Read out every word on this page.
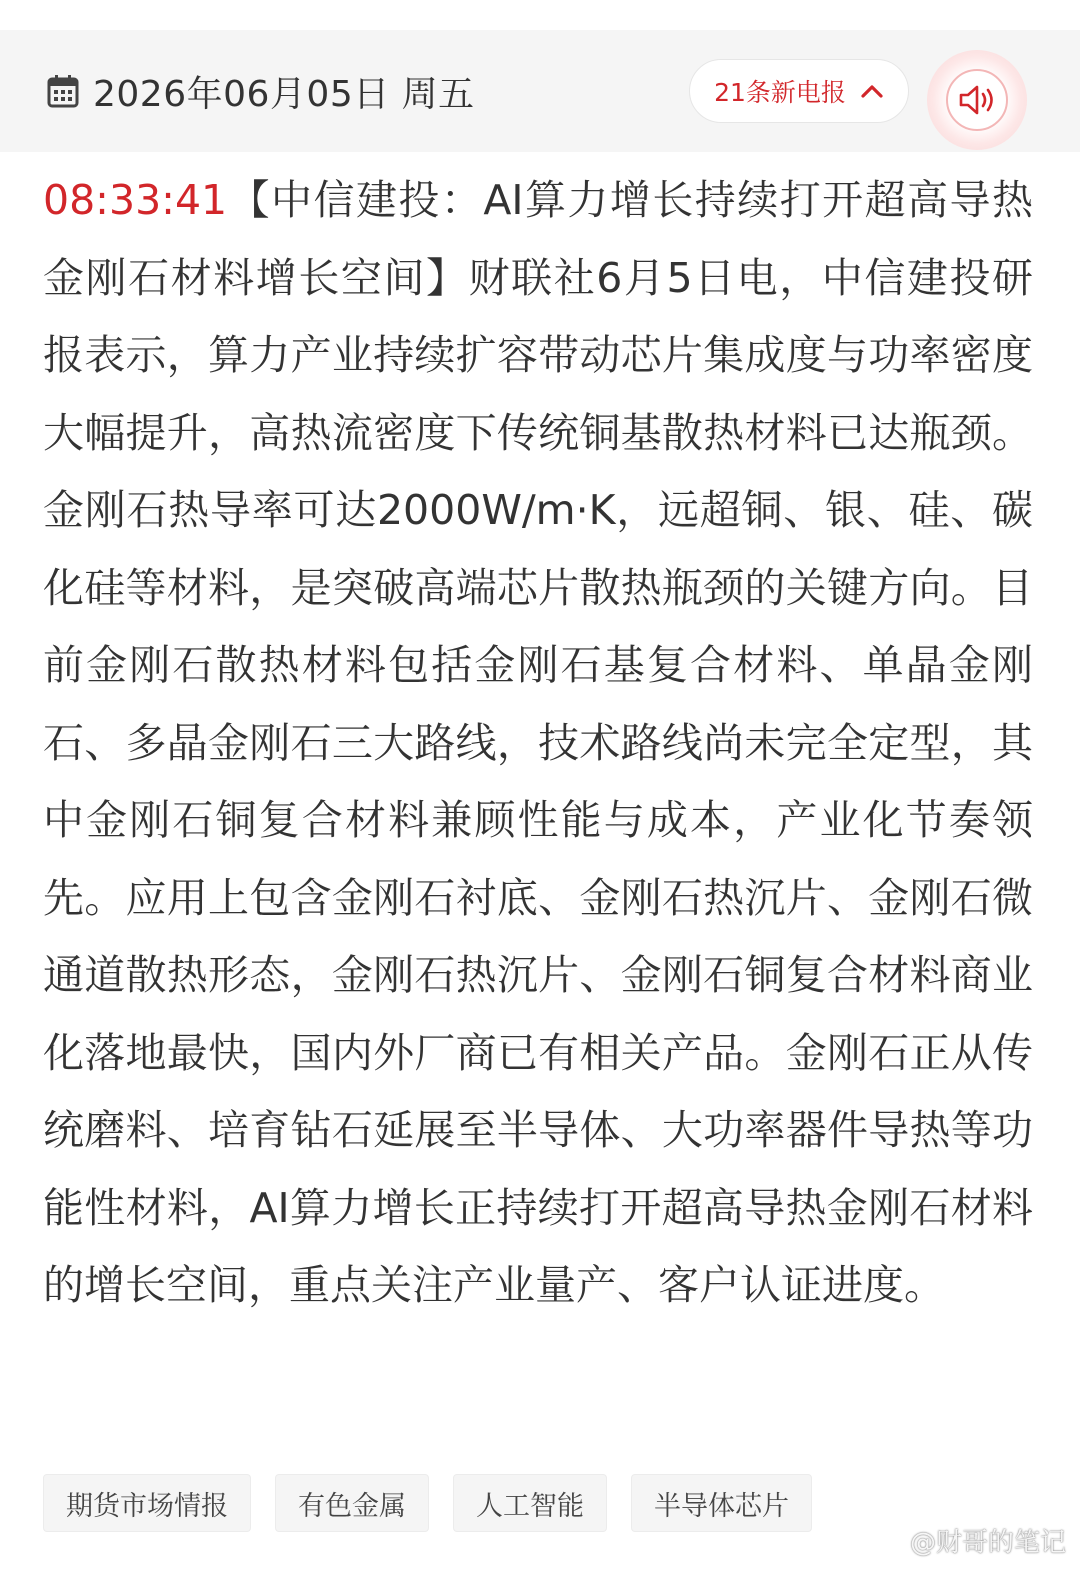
2026年06月05日 周五	21条新电报
08:33:41【中信建投：AI算力增长持续打开超高导热金刚石材料增长空间】财联社6月5日电，中信建投研报表示，算力产业持续扩容带动芯片集成度与功率密度大幅提升，高热流密度下传统铜基散热材料已达瓶颈。金刚石热导率可达2000W/m·K，远超铜、银、硅、碳化硅等材料，是突破高端芯片散热瓶颈的关键方向。目前金刚石散热材料包括金刚石基复合材料、单晶金刚石、多晶金刚石三大路线，技术路线尚未完全定型，其中金刚石铜复合材料兼顾性能与成本，产业化节奏领先。应用上包含金刚石衬底、金刚石热沉片、金刚石微通道散热形态，金刚石热沉片、金刚石铜复合材料商业化落地最快，国内外厂商已有相关产品。金刚石正从传统磨料、培育钻石延展至半导体、大功率器件导热等功能性材料，AI算力增长正持续打开超高导热金刚石材料的增长空间，重点关注产业量产、客户认证进度。
期货市场情报	有色金属	人工智能	半导体芯片
@财哥的笔记
